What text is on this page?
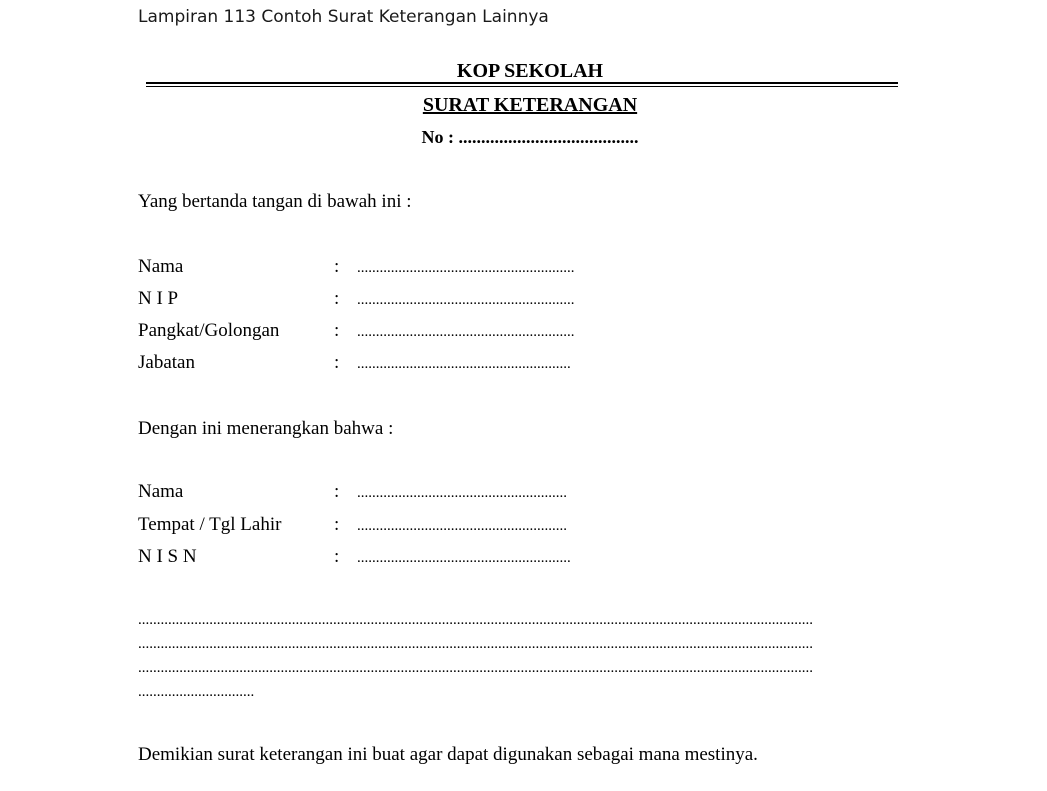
Lampiran 113 Contoh Surat Keterangan Lainnya
KOP SEKOLAH
SURAT KETERANGAN
No : ........................................
Yang bertanda tangan di bawah ini :
Nama	: ..........................................................
N I P	: ..........................................................
Pangkat/Golongan	: ..........................................................
Jabatan	: .........................................................
Dengan ini menerangkan bahwa :
Nama	: ........................................................
Tempat / Tgl Lahir	: ........................................................
N I S N	: .........................................................
....................................................................................................................................................................................
....................................................................................................................................................................................
....................................................................................................................................................................................
...............................
Demikian surat keterangan ini buat agar dapat digunakan sebagai mana mestinya.
